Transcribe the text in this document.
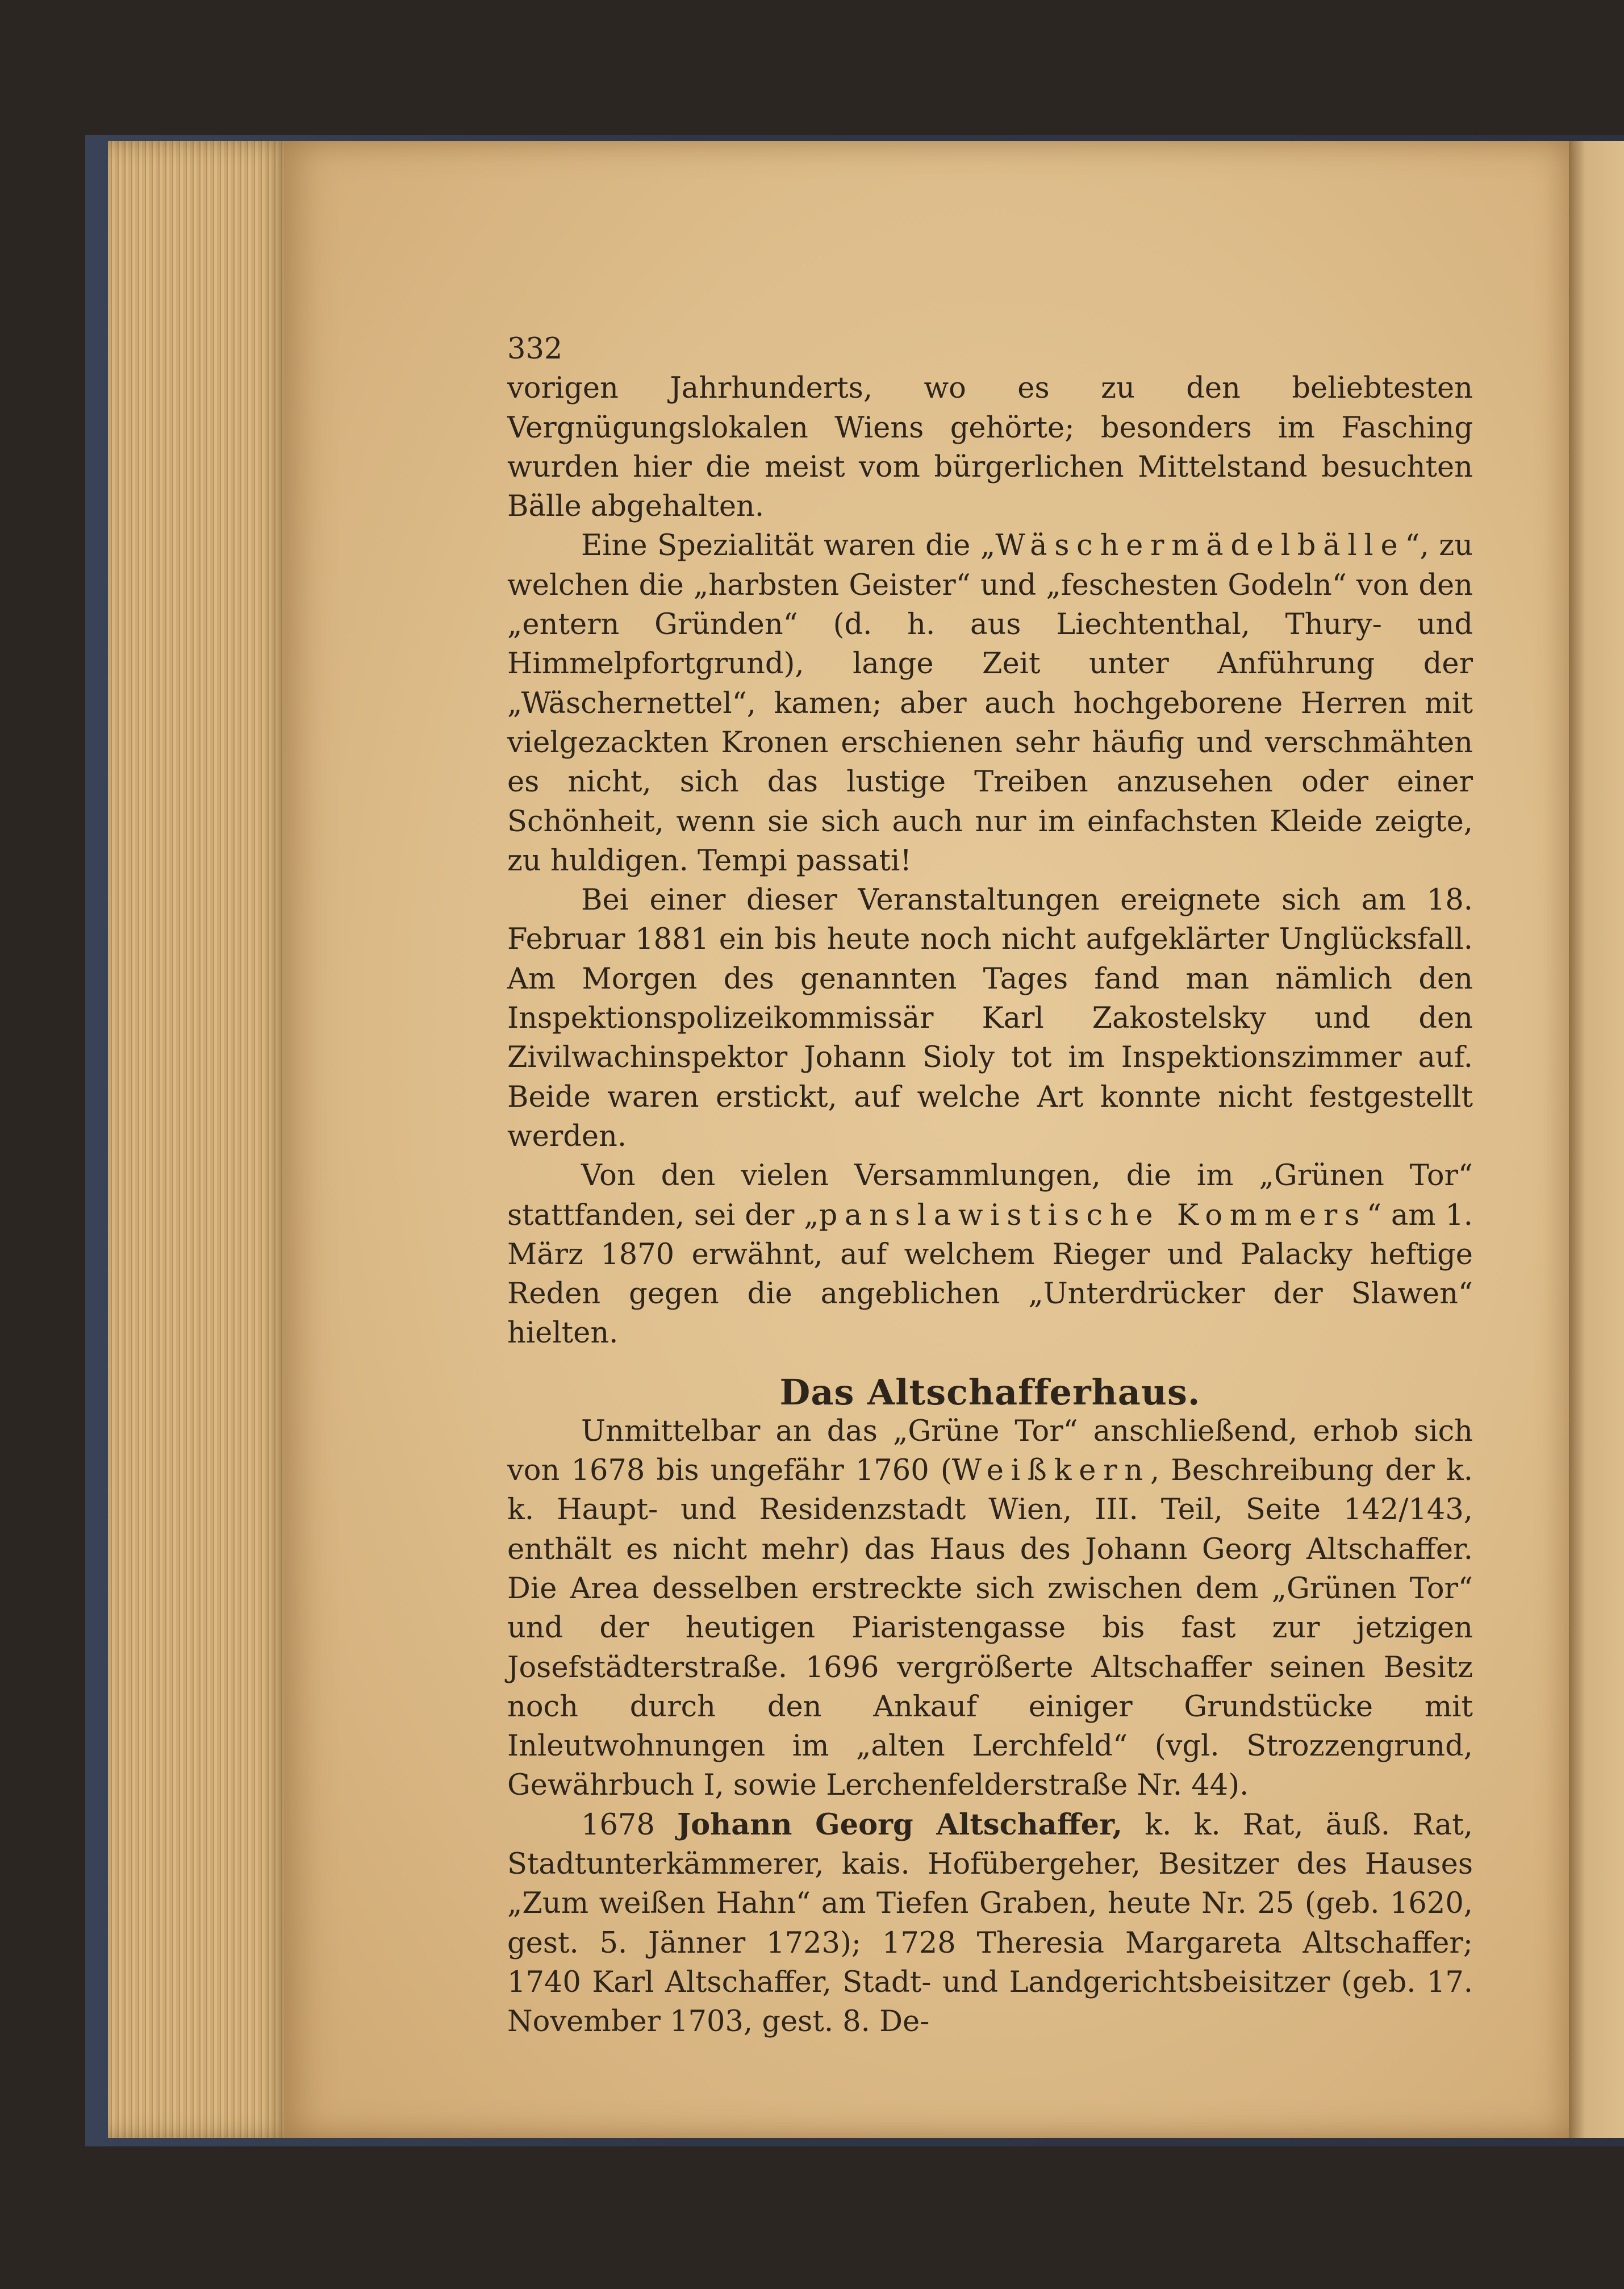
332

vorigen Jahrhunderts, wo es zu den beliebtesten Vergnügungslokalen Wiens gehörte; besonders im Fasching wurden hier die meist vom bürgerlichen Mittelstand besuchten Bälle abgehalten.

Eine Spezialität waren die „Wäschermädelbälle“, zu welchen die „harbsten Geister“ und „feschesten Godeln“ von den „entern Gründen“ (d. h. aus Liechtenthal, Thury- und Himmelpfortgrund), lange Zeit unter Anführung der „Wäschernettel“, kamen; aber auch hochgeborene Herren mit vielgezackten Kronen erschienen sehr häufig und verschmähten es nicht, sich das lustige Treiben anzusehen oder einer Schönheit, wenn sie sich auch nur im einfachsten Kleide zeigte, zu huldigen. Tempi passati!

Bei einer dieser Veranstaltungen ereignete sich am 18. Februar 1881 ein bis heute noch nicht aufgeklärter Unglücksfall. Am Morgen des genannten Tages fand man nämlich den Inspektionspolizeikommissär Karl Zakostelsky und den Zivilwachinspektor Johann Sioly tot im Inspektionszimmer auf. Beide waren erstickt, auf welche Art konnte nicht festgestellt werden.

Von den vielen Versammlungen, die im „Grünen Tor“ stattfanden, sei der „panslawistische Kommers“ am 1. März 1870 erwähnt, auf welchem Rieger und Palacky heftige Reden gegen die angeblichen „Unterdrücker der Slawen“ hielten.

Das Altschafferhaus.

Unmittelbar an das „Grüne Tor“ anschließend, erhob sich von 1678 bis ungefähr 1760 (Weißkern, Beschreibung der k. k. Haupt- und Residenzstadt Wien, III. Teil, Seite 142/143, enthält es nicht mehr) das Haus des Johann Georg Altschaffer. Die Area desselben erstreckte sich zwischen dem „Grünen Tor“ und der heutigen Piaristengasse bis fast zur jetzigen Josefstädterstraße. 1696 vergrößerte Altschaffer seinen Besitz noch durch den Ankauf einiger Grundstücke mit Inleutwohnungen im „alten Lerchfeld“ (vgl. Strozzengrund, Gewährbuch I, sowie Lerchenfelderstraße Nr. 44).

1678 Johann Georg Altschaffer, k. k. Rat, äuß. Rat, Stadtunterkämmerer, kais. Hofübergeher, Besitzer des Hauses „Zum weißen Hahn“ am Tiefen Graben, heute Nr. 25 (geb. 1620, gest. 5. Jänner 1723); 1728 Theresia Margareta Altschaffer; 1740 Karl Altschaffer, Stadt- und Landgerichtsbeisitzer (geb. 17. November 1703, gest. 8. De-
